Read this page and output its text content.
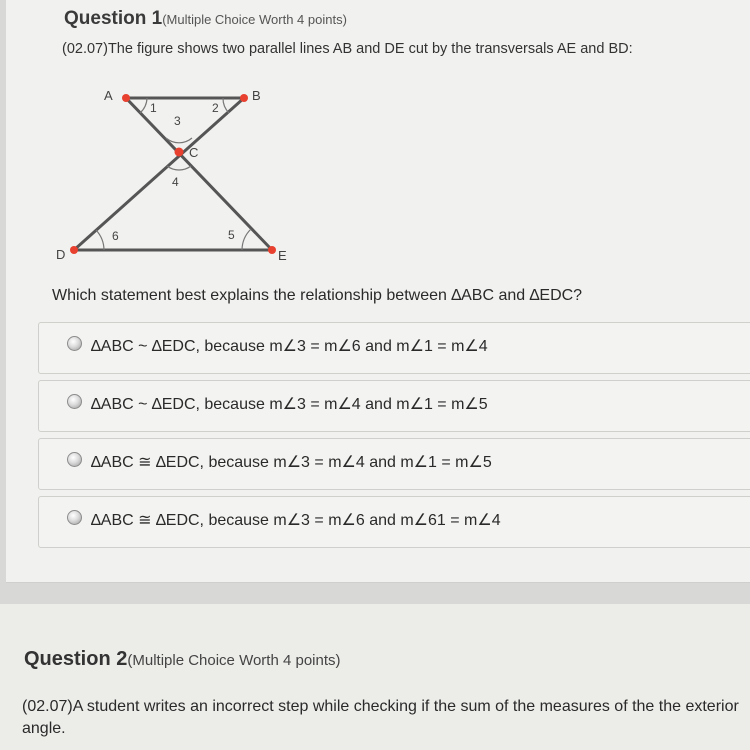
Question 1(Multiple Choice Worth 4 points)
(02.07)The figure shows two parallel lines AB and DE cut by the transversals AE and BD:
A	B
C
D	E
1	2
3
4
5
6
Which statement best explains the relationship between ∆ABC and ∆EDC?
∆ABC ~ ∆EDC, because m∠3 = m∠6 and m∠1 = m∠4
∆ABC ~ ∆EDC, because m∠3 = m∠4 and m∠1 = m∠5
∆ABC ≅ ∆EDC, because m∠3 = m∠4 and m∠1 = m∠5
∆ABC ≅ ∆EDC, because m∠3 = m∠6 and m∠61 = m∠4
Question 2(Multiple Choice Worth 4 points)
(02.07)A student writes an incorrect step while checking if the sum of the measures of the the exterior angle.
